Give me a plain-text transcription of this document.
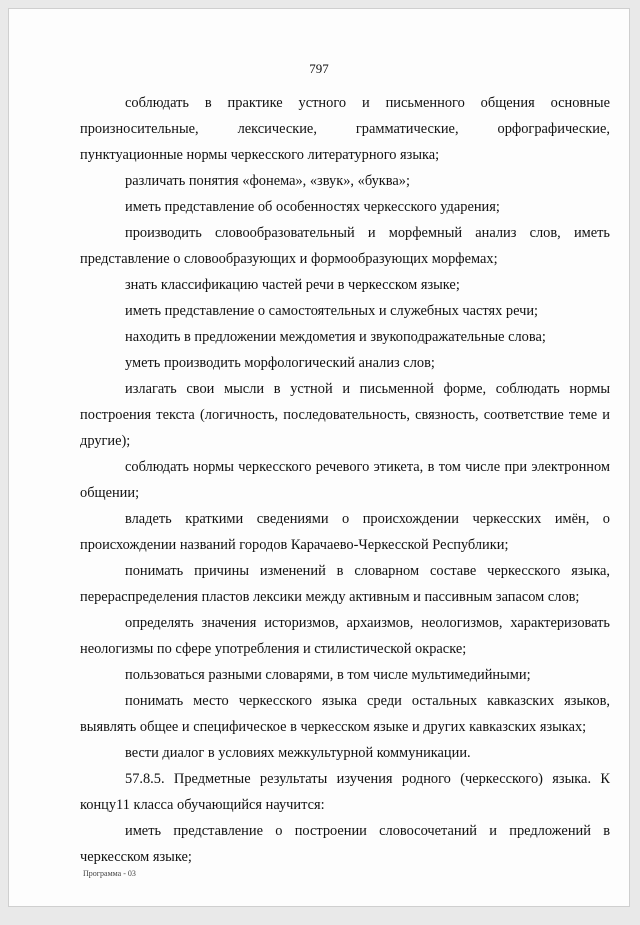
797

соблюдать в практике устного и письменного общения основные произносительные, лексические, грамматические, орфографические, пунктуационные нормы черкесского литературного языка;

различать понятия «фонема», «звук», «буква»;

иметь представление об особенностях черкесского ударения;

производить словообразовательный и морфемный анализ слов, иметь представление о словообразующих и формообразующих морфемах;

знать классификацию частей речи в черкесском языке;

иметь представление о самостоятельных и служебных частях речи;

находить в предложении междометия и звукоподражательные слова;

уметь производить морфологический анализ слов;

излагать свои мысли в устной и письменной форме, соблюдать нормы построения текста (логичность, последовательность, связность, соответствие теме и другие);

соблюдать нормы черкесского речевого этикета, в том числе при электронном общении;

владеть краткими сведениями о происхождении черкесских имён, о происхождении названий городов Карачаево-Черкесской Республики;

понимать причины изменений в словарном составе черкесского языка, перераспределения пластов лексики между активным и пассивным запасом слов;

определять значения историзмов, архаизмов, неологизмов, характеризовать неологизмы по сфере употребления и стилистической окраске;

пользоваться разными словарями, в том числе мультимедийными;

понимать место черкесского языка среди остальных кавказских языков, выявлять общее и специфическое в черкесском языке и других кавказских языках;

вести диалог в условиях межкультурной коммуникации.

57.8.5. Предметные результаты изучения родного (черкесского) языка. К концу11 класса обучающийся научится:

иметь представление о построении словосочетаний и предложений в черкесском языке;

Программа - 03
